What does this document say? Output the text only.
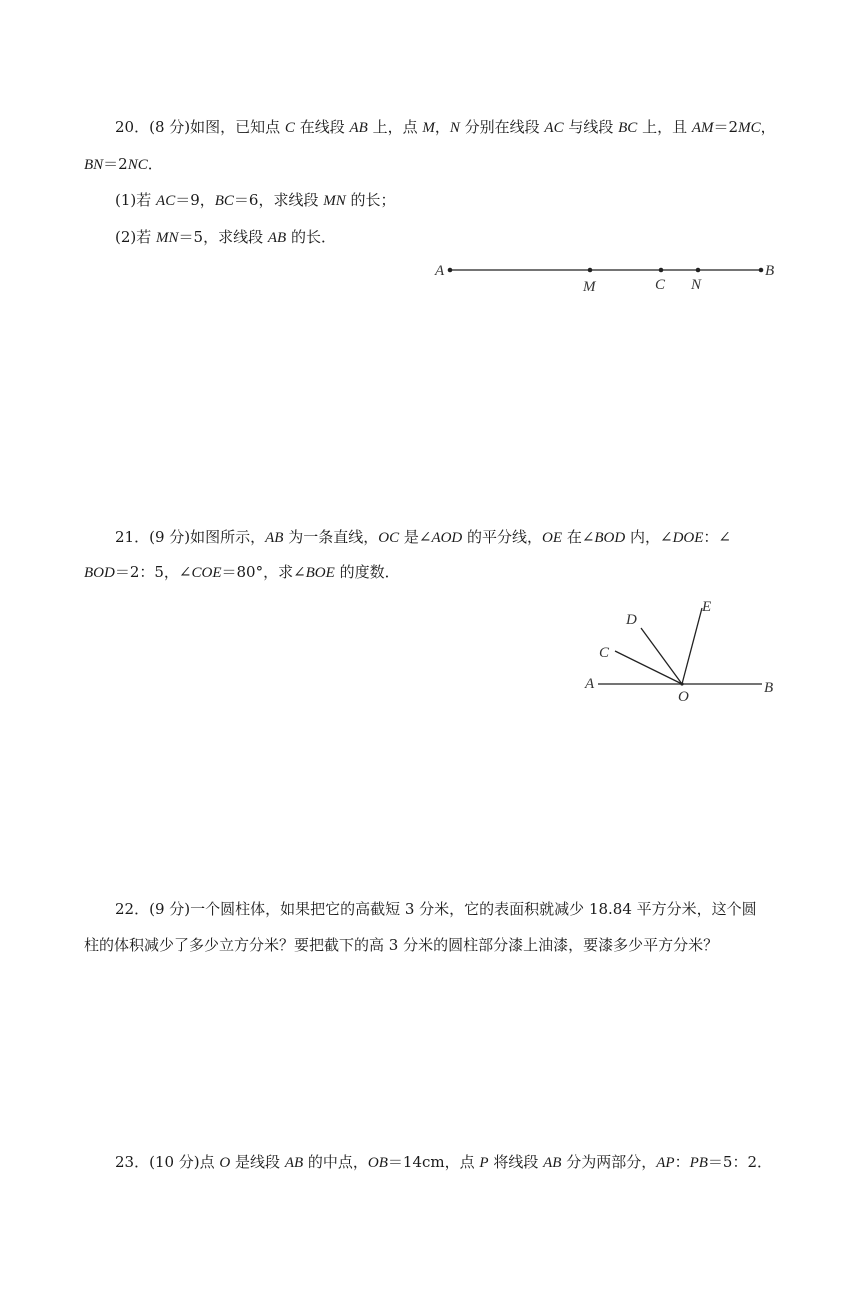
20．(8 分)如图，已知点 C 在线段 AB 上，点 M，N 分别在线段 AC 与线段 BC 上，且 AM＝2MC，
BN＝2NC．
(1)若 AC＝9，BC＝6，求线段 MN 的长；
(2)若 MN＝5，求线段 AB 的长．
A
M	C N
B
21．(9 分)如图所示，AB 为一条直线，OC 是∠AOD 的平分线，OE 在∠BOD 内，∠DOE：∠
BOD＝2：5，∠COE＝80°，求∠BOE 的度数．
A	B
C
D
E
O
22．(9 分)一个圆柱体，如果把它的高截短 3 分米，它的表面积就减少 18.84 平方分米，这个圆
柱的体积减少了多少立方分米？要把截下的高 3 分米的圆柱部分漆上油漆，要漆多少平方分米？
23．(10 分)点 O 是线段 AB 的中点，OB＝14cm，点 P 将线段 AB 分为两部分，AP：PB＝5：2．
